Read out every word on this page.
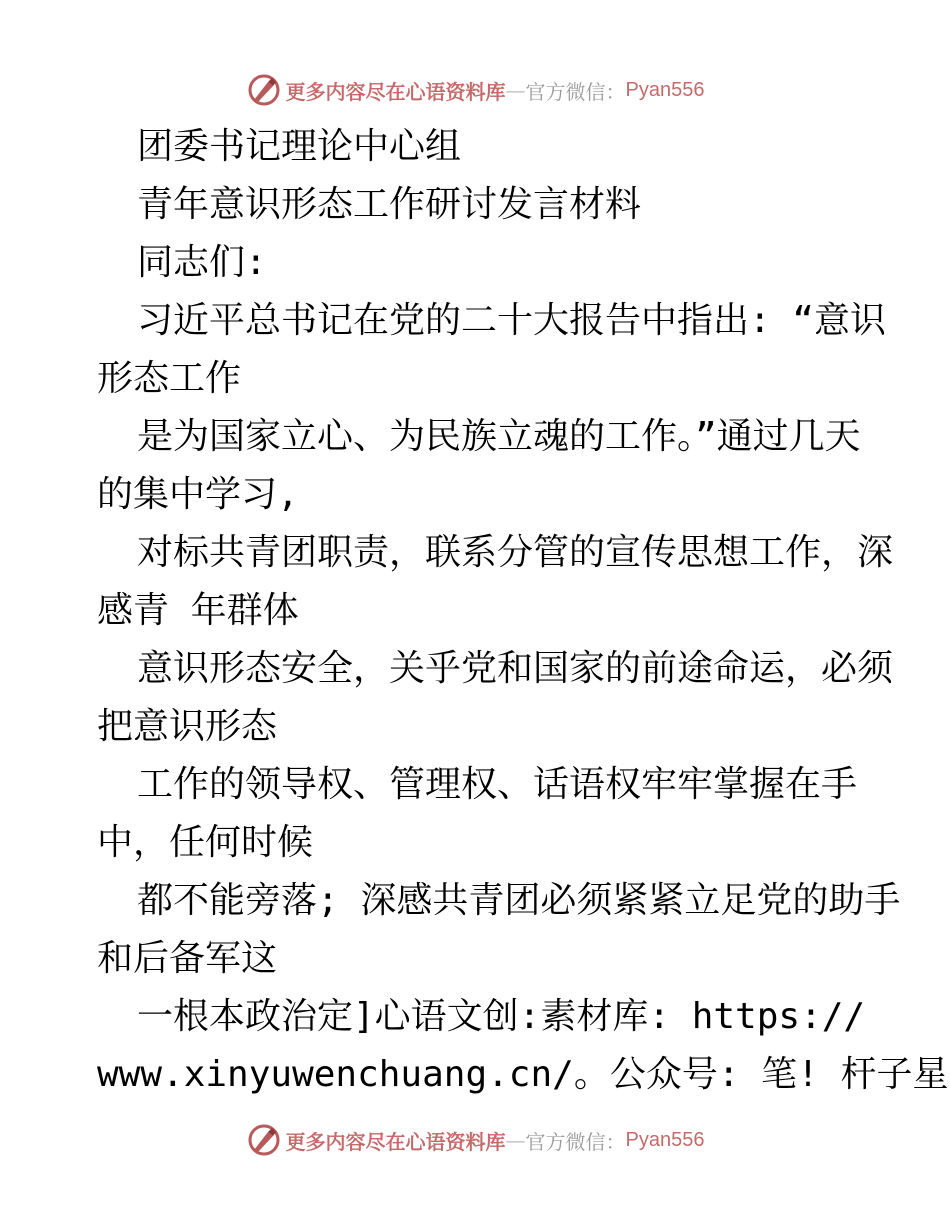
更多内容尽在心语资料库 — 官方微信： Pyan556
团委书记理论中心组
青年意识形态工作研讨发言材料
同志们:
习近平总书记在党的二十大报告中指出: “意识
形态工作
是为国家立心、为民族立魂的工作。”通过几天
的集中学习,
对标共青团职责，联系分管的宣传思想工作，深
感青 年群体
意识形态安全，关乎党和国家的前途命运，必须
把意识形态
工作的领导权、管理权、话语权牢牢掌握在手
中，任何时候
都不能旁落; 深感共青团必须紧紧立足党的助手
和后备军这
一根本政治定]心语文创:素材库: https://
www.xinyuwenchuang.cn/。公众号: 笔! 杆子星
更多内容尽在心语资料库 — 官方微信： Pyan556
